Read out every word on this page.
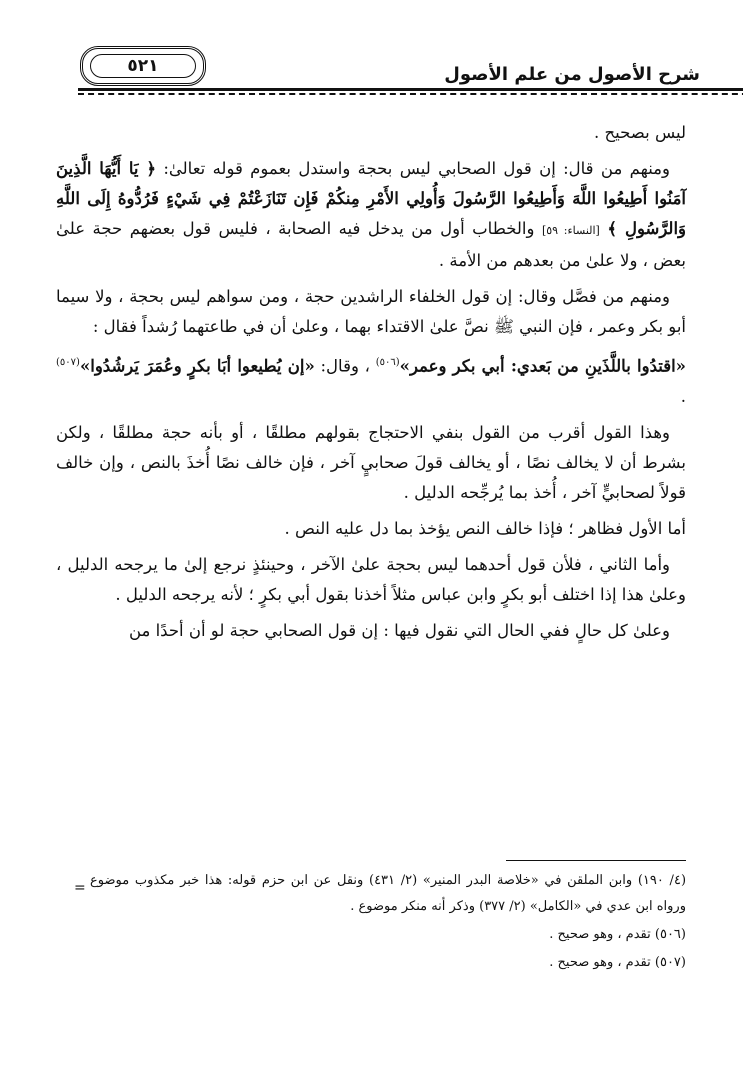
٥٢١	شرح الأصول من علم الأصول

ليس بصحيح .

ومنهم من قال: إن قول الصحابي ليس بحجة واستدل بعموم قوله تعالىٰ: ﴿ يَا أَيُّهَا الَّذِينَ آمَنُوا أَطِيعُوا اللَّهَ وَأَطِيعُوا الرَّسُولَ وَأُولِي الأَمْرِ مِنكُمْ فَإِن تَنَازَعْتُمْ فِي شَيْءٍ فَرُدُّوهُ إِلَى اللَّهِ وَالرَّسُولِ ﴾ [النساء: ٥٩] والخطاب أول من يدخل فيه الصحابة ، فليس قول بعضهم حجة علىٰ بعض ، ولا علىٰ من بعدهم من الأمة .

ومنهم من فصَّل وقال: إن قول الخلفاء الراشدين حجة ، ومن سواهم ليس بحجة ، ولا سيما أبو بكر وعمر ، فإن النبي ﷺ نصَّ علىٰ الاقتداء بهما ، وعلىٰ أن في طاعتهما رُشداً فقال :

«اقتدُوا باللَّذَينِ من بَعدي: أبي بكر وعمر»$^{(٥٠٦)}$ ، وقال: «إن يُطيعوا أبَا بكرٍ وعُمَرَ يَرشُدُوا»$^{(٥٠٧)}$ .

وهذا القول أقرب من القول بنفي الاحتجاج بقولهم مطلقًا ، أو بأنه حجة مطلقًا ، ولكن بشرط أن لا يخالف نصًا ، أو يخالف قولَ صحابيٍ آخر ، فإن خالف نصًا أُخذَ بالنص ، وإن خالف قولاً لصحابيٍّ آخر ، أُخذ بما يُرجِّحه الدليل .

أما الأول فظاهر ؛ فإذا خالف النص يؤخذ بما دل عليه النص .

وأما الثاني ، فلأن قول أحدهما ليس بحجة علىٰ الآخر ، وحينئذٍ نرجع إلىٰ ما يرجحه الدليل ، وعلىٰ هذا إذا اختلف أبو بكرٍ وابن عباس مثلاً أخذنا بقول أبي بكرٍ ؛ لأنه يرجحه الدليل .

وعلىٰ كل حالٍ ففي الحال التي نقول فيها : إن قول الصحابي حجة لو أن أحدًا من

= (٤/ ١٩٠) وابن الملقن في «خلاصة البدر المنير» (٢/ ٤٣١) ونقل عن ابن حزم قوله: هذا خبر مكذوب موضوع ورواه ابن عدي في «الكامل» (٢/ ٣٧٧) وذكر أنه منكر موضوع .

(٥٠٦) تقدم ، وهو صحيح .

(٥٠٧) تقدم ، وهو صحيح .
